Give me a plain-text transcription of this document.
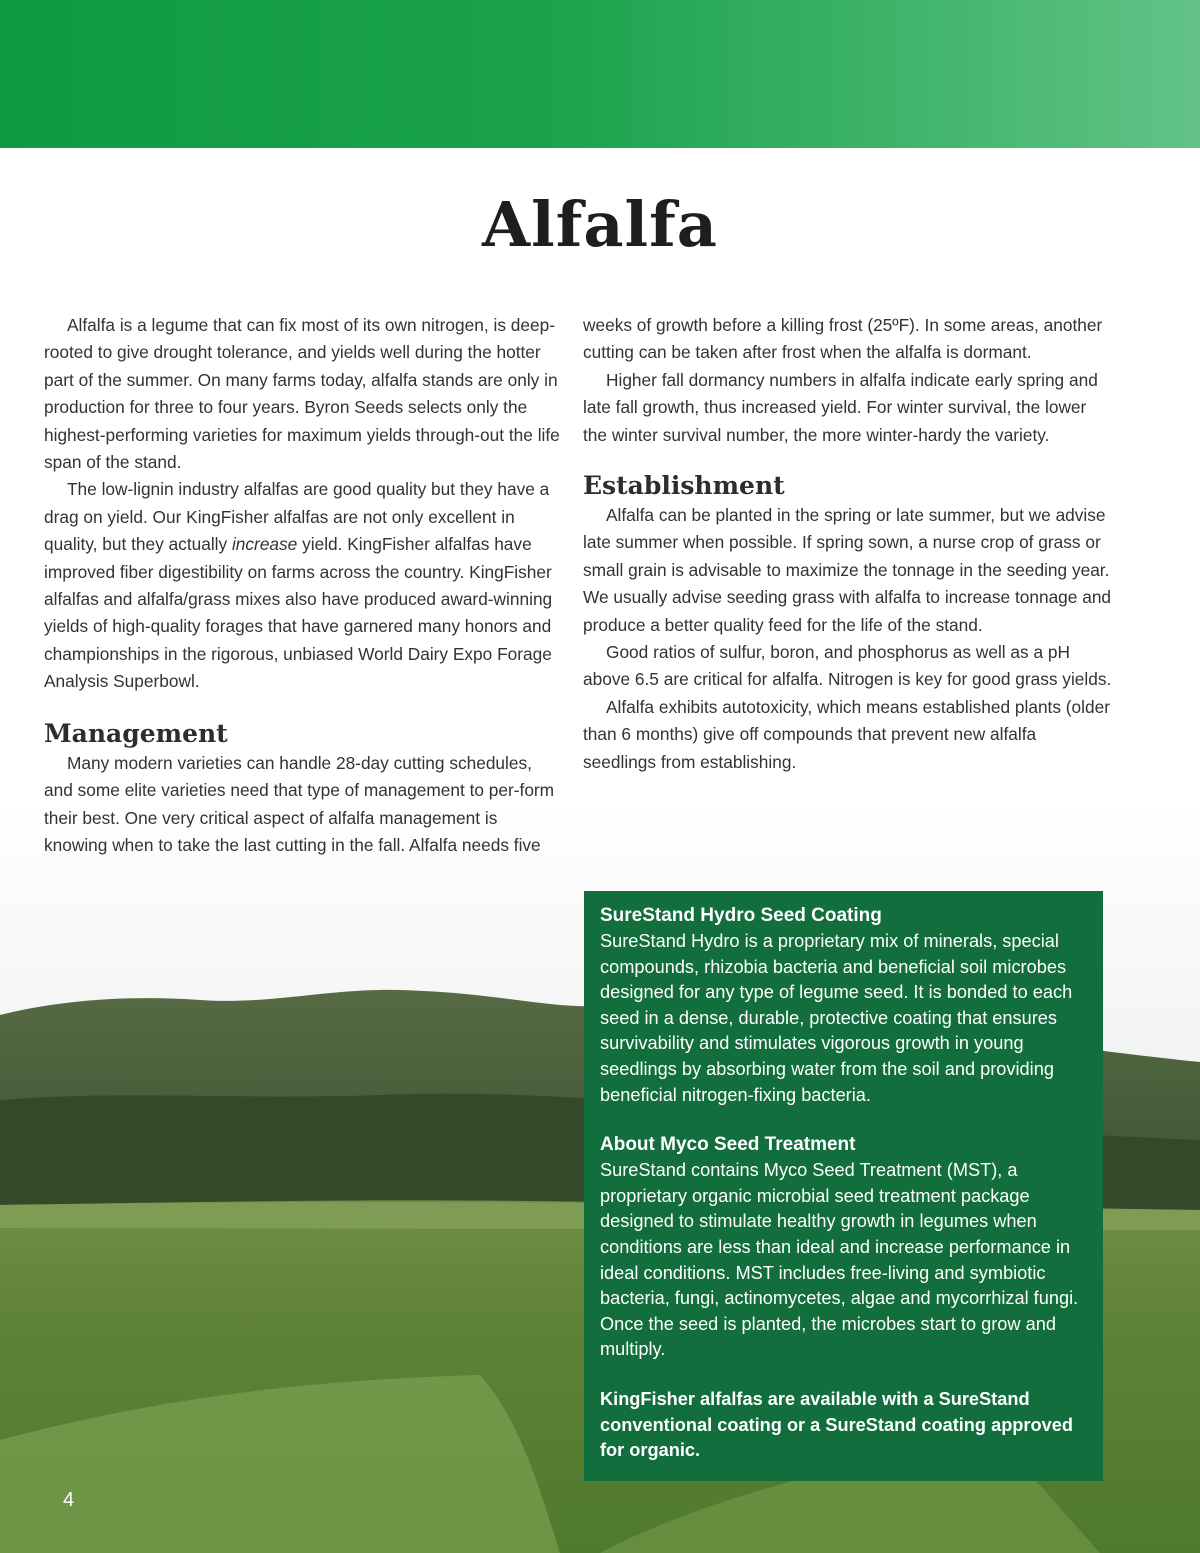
Alfalfa

Alfalfa is a legume that can fix most of its own nitrogen, is deep-rooted to give drought tolerance, and yields well during the hotter part of the summer. On many farms today, alfalfa stands are only in production for three to four years. Byron Seeds selects only the highest-performing varieties for maximum yields through-out the life span of the stand.

The low-lignin industry alfalfas are good quality but they have a drag on yield. Our KingFisher alfalfas are not only excellent in quality, but they actually increase yield. KingFisher alfalfas have improved fiber digestibility on farms across the country. KingFisher alfalfas and alfalfa/grass mixes also have produced award-winning yields of high-quality forages that have garnered many honors and championships in the rigorous, unbiased World Dairy Expo Forage Analysis Superbowl.

Management

Many modern varieties can handle 28-day cutting schedules, and some elite varieties need that type of management to per-form their best. One very critical aspect of alfalfa management is knowing when to take the last cutting in the fall. Alfalfa needs five

weeks of growth before a killing frost (25ºF). In some areas, another cutting can be taken after frost when the alfalfa is dormant.

Higher fall dormancy numbers in alfalfa indicate early spring and late fall growth, thus increased yield. For winter survival, the lower the winter survival number, the more winter-hardy the variety.

Establishment

Alfalfa can be planted in the spring or late summer, but we advise late summer when possible. If spring sown, a nurse crop of grass or small grain is advisable to maximize the tonnage in the seeding year. We usually advise seeding grass with alfalfa to increase tonnage and produce a better quality feed for the life of the stand.

Good ratios of sulfur, boron, and phosphorus as well as a pH above 6.5 are critical for alfalfa. Nitrogen is key for good grass yields.

Alfalfa exhibits autotoxicity, which means established plants (older than 6 months) give off compounds that prevent new alfalfa seedlings from establishing.

SureStand Hydro Seed Coating

SureStand Hydro is a proprietary mix of minerals, special compounds, rhizobia bacteria and beneficial soil microbes designed for any type of legume seed. It is bonded to each seed in a dense, durable, protective coating that ensures survivability and stimulates vigorous growth in young seedlings by absorbing water from the soil and providing beneficial nitrogen-fixing bacteria.

About Myco Seed Treatment

SureStand contains Myco Seed Treatment (MST), a proprietary organic microbial seed treatment package designed to stimulate healthy growth in legumes when conditions are less than ideal and increase performance in ideal conditions. MST includes free-living and symbiotic bacteria, fungi, actinomycetes, algae and mycorrhizal fungi. Once the seed is planted, the microbes start to grow and multiply.

KingFisher alfalfas are available with a SureStand conventional coating or a SureStand coating approved for organic.

4
